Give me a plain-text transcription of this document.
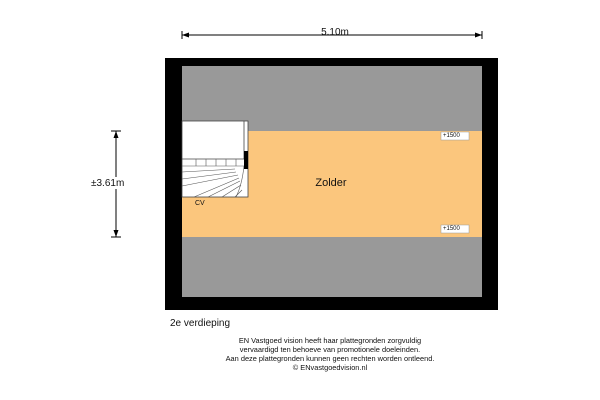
5.10m
±3.61m	Zolder
CV
+1500
+1500
2e verdieping
EN Vastgoed vision heeft haar plattegronden zorgvuldig
vervaardigd ten behoeve van promotionele doeleinden.
Aan deze plattegronden kunnen geen rechten worden ontleend.
© ENvastgoedvision.nl
